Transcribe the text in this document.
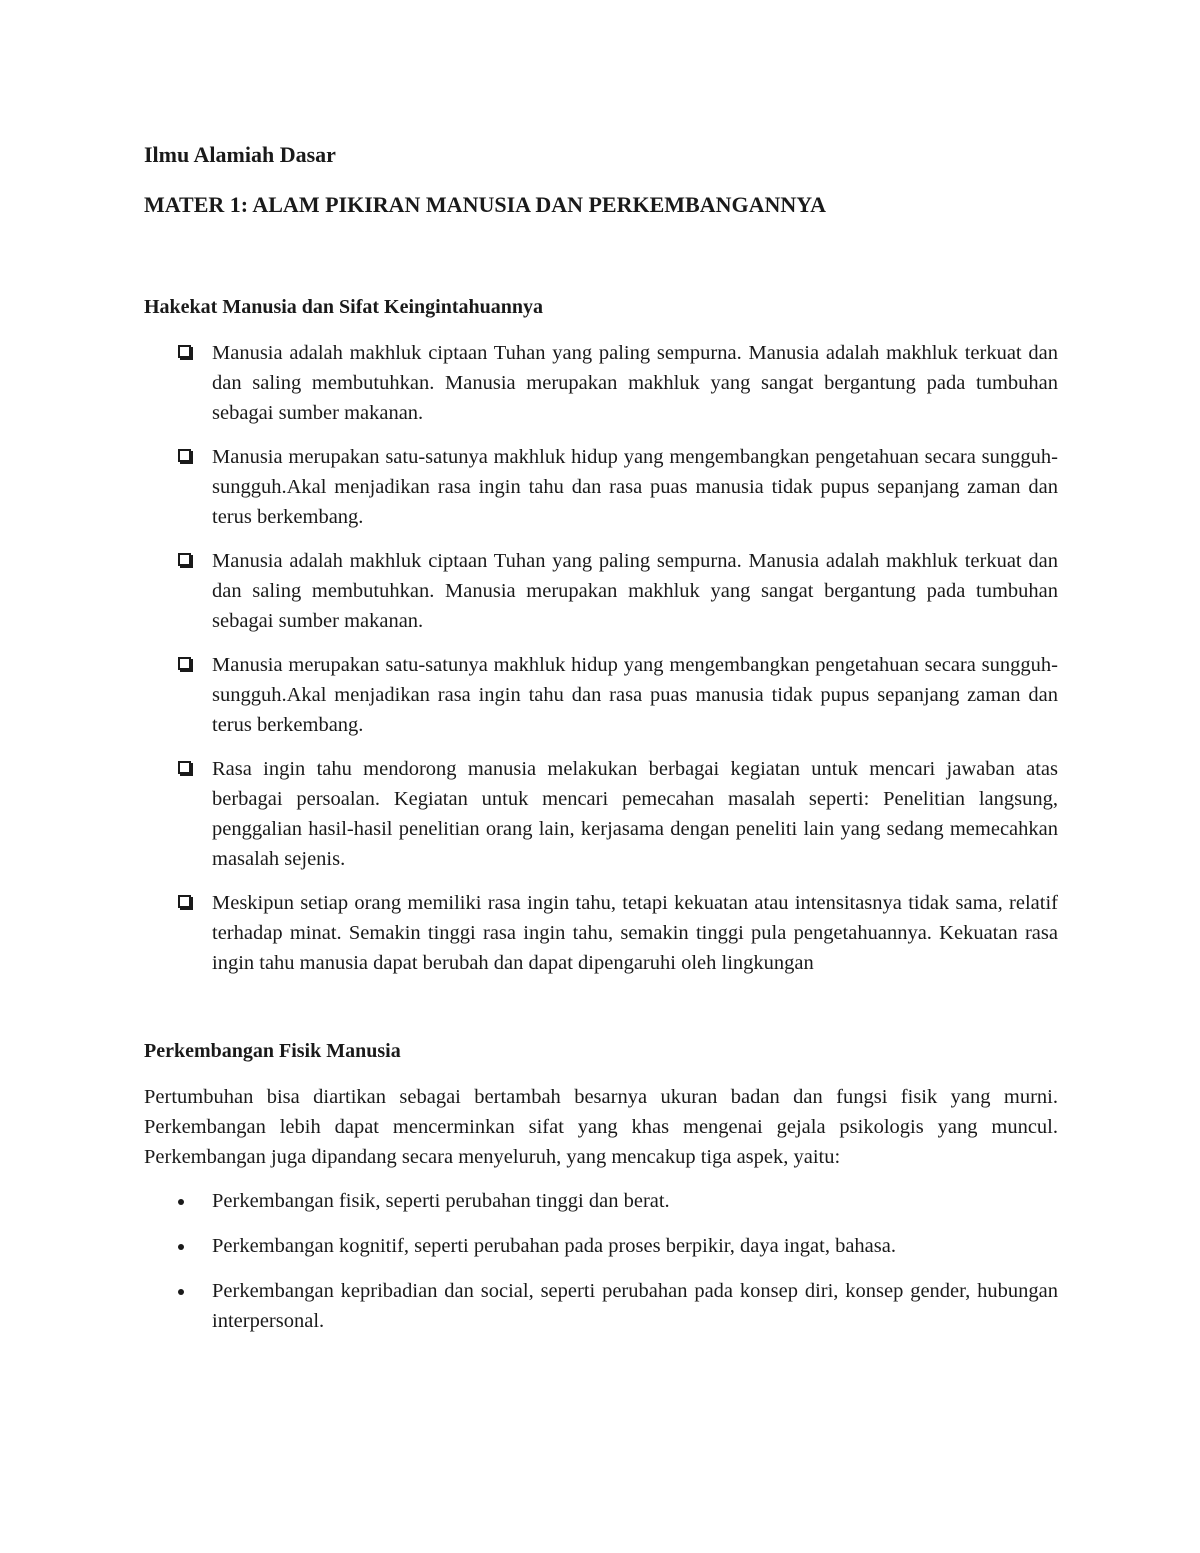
Ilmu Alamiah Dasar
MATER 1: ALAM PIKIRAN MANUSIA DAN PERKEMBANGANNYA
Hakekat Manusia dan Sifat Keingintahuannya
Manusia adalah makhluk ciptaan Tuhan yang paling sempurna. Manusia adalah makhluk terkuat dan dan saling membutuhkan. Manusia merupakan makhluk yang sangat bergantung pada tumbuhan sebagai sumber makanan.
Manusia merupakan satu-satunya makhluk hidup yang mengembangkan pengetahuan secara sungguh-sungguh.Akal menjadikan rasa ingin tahu dan rasa puas manusia tidak pupus sepanjang zaman dan terus berkembang.
Manusia adalah makhluk ciptaan Tuhan yang paling sempurna. Manusia adalah makhluk terkuat dan dan saling membutuhkan. Manusia merupakan makhluk yang sangat bergantung pada tumbuhan sebagai sumber makanan.
Manusia merupakan satu-satunya makhluk hidup yang mengembangkan pengetahuan secara sungguh-sungguh.Akal menjadikan rasa ingin tahu dan rasa puas manusia tidak pupus sepanjang zaman dan terus berkembang.
Rasa ingin tahu mendorong manusia melakukan berbagai kegiatan untuk mencari jawaban atas berbagai persoalan. Kegiatan untuk mencari pemecahan masalah seperti: Penelitian langsung, penggalian hasil-hasil penelitian orang lain, kerjasama dengan peneliti lain yang sedang memecahkan masalah sejenis.
Meskipun setiap orang memiliki rasa ingin tahu, tetapi kekuatan atau intensitasnya tidak sama, relatif terhadap minat. Semakin tinggi rasa ingin tahu, semakin tinggi pula pengetahuannya. Kekuatan rasa ingin tahu manusia dapat berubah dan dapat dipengaruhi oleh lingkungan
Perkembangan Fisik Manusia

Pertumbuhan bisa diartikan sebagai bertambah besarnya ukuran badan dan fungsi fisik yang murni. Perkembangan lebih dapat mencerminkan sifat yang khas mengenai gejala psikologis yang muncul. Perkembangan juga dipandang secara menyeluruh, yang mencakup tiga aspek, yaitu:

Perkembangan fisik, seperti perubahan tinggi dan berat.
Perkembangan kognitif, seperti perubahan pada proses berpikir, daya ingat, bahasa.
Perkembangan kepribadian dan social, seperti perubahan pada konsep diri, konsep gender, hubungan interpersonal.
